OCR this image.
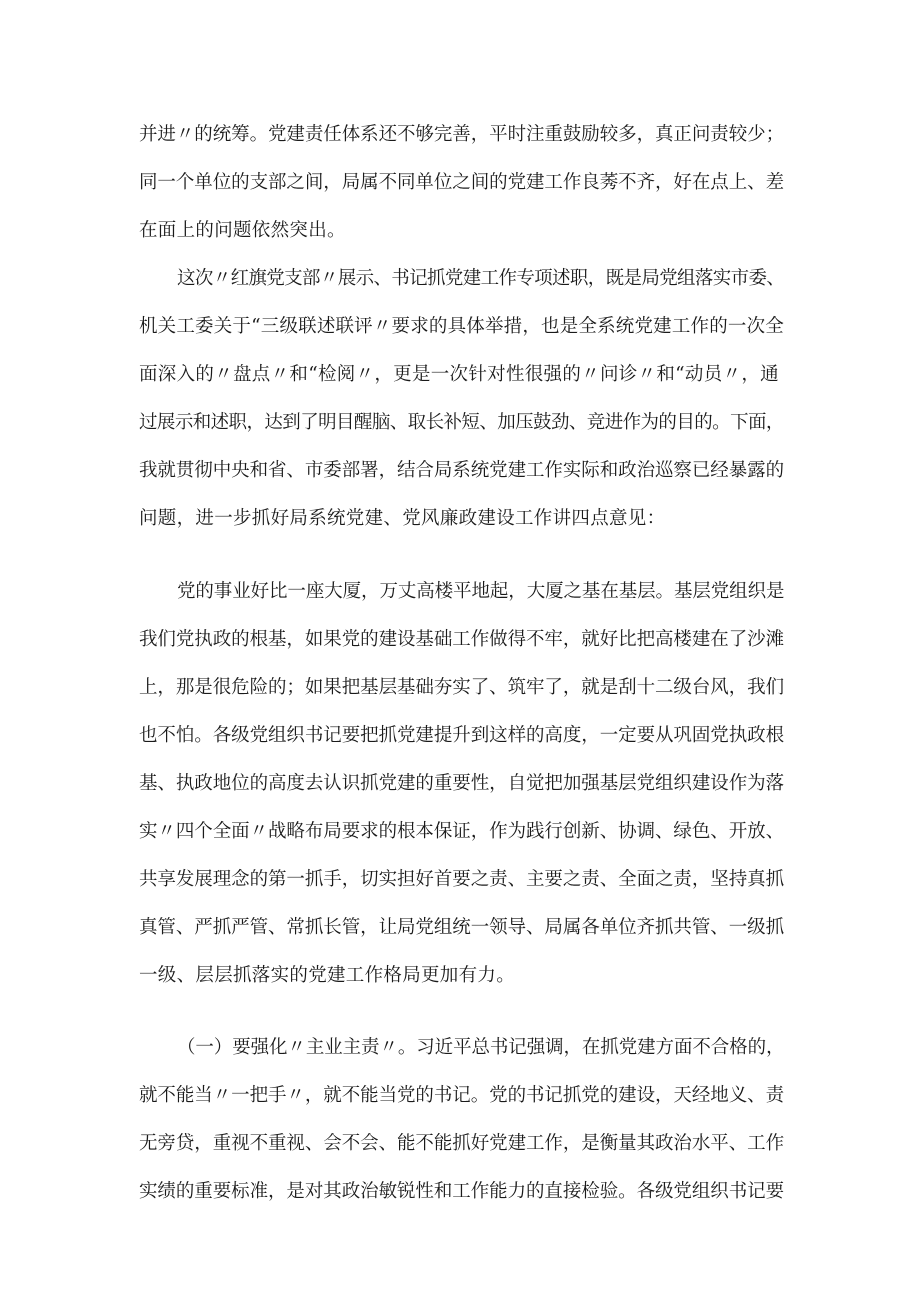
并进〃的统筹。党建责任体系还不够完善，平时注重鼓励较多，真正问责较少；
同一个单位的支部之间，局属不同单位之间的党建工作良莠不齐，好在点上、差
在面上的问题依然突出。
这次〃红旗党支部〃展示、书记抓党建工作专项述职，既是局党组落实市委、
机关工委关于“三级联述联评〃要求的具体举措，也是全系统党建工作的一次全
面深入的〃盘点〃和“检阅〃，更是一次针对性很强的〃问诊〃和“动员〃，通
过展示和述职，达到了明目醒脑、取长补短、加压鼓劲、竞进作为的目的。下面，
我就贯彻中央和省、市委部署，结合局系统党建工作实际和政治巡察已经暴露的
问题，进一步抓好局系统党建、党风廉政建设工作讲四点意见：
党的事业好比一座大厦，万丈高楼平地起，大厦之基在基层。基层党组织是
我们党执政的根基，如果党的建设基础工作做得不牢，就好比把高楼建在了沙滩
上，那是很危险的；如果把基层基础夯实了、筑牢了，就是刮十二级台风，我们
也不怕。各级党组织书记要把抓党建提升到这样的高度，一定要从巩固党执政根
基、执政地位的高度去认识抓党建的重要性，自觉把加强基层党组织建设作为落
实〃四个全面〃战略布局要求的根本保证，作为践行创新、协调、绿色、开放、
共享发展理念的第一抓手，切实担好首要之责、主要之责、全面之责，坚持真抓
真管、严抓严管、常抓长管，让局党组统一领导、局属各单位齐抓共管、一级抓
一级、层层抓落实的党建工作格局更加有力。
（一）要强化〃主业主责〃。习近平总书记强调，在抓党建方面不合格的，
就不能当〃一把手〃，就不能当党的书记。党的书记抓党的建设，天经地义、责
无旁贷，重视不重视、会不会、能不能抓好党建工作，是衡量其政治水平、工作
实绩的重要标准，是对其政治敏锐性和工作能力的直接检验。各级党组织书记要
